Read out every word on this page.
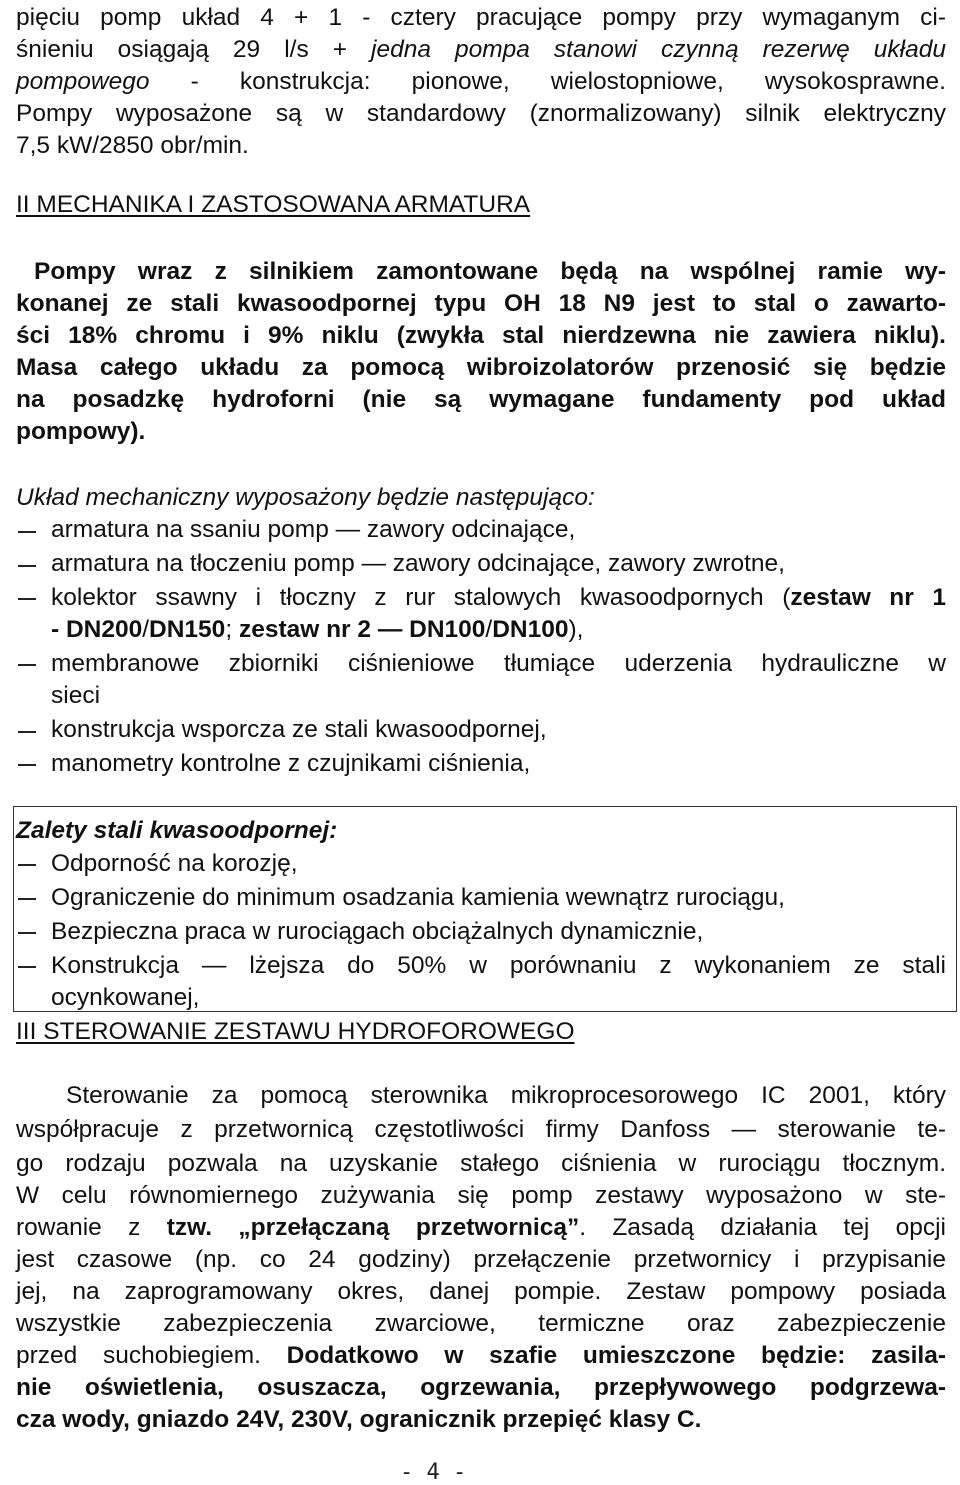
pięciu pomp układ 4 + 1 - cztery pracujące pompy przy wymaganym ci-
śnieniu osiągają 29 l/s + jedna pompa stanowi czynną rezerwę układu
pompowego - konstrukcja: pionowe, wielostopniowe, wysokosprawne.
Pompy wyposażone są w standardowy (znormalizowany) silnik elektryczny
7,5 kW/2850 obr/min.
II MECHANIKA I ZASTOSOWANA ARMATURA
Pompy wraz z silnikiem zamontowane będą na wspólnej ramie wy-
konanej ze stali kwasoodpornej typu OH 18 N9 jest to stal o zawarto-
ści 18% chromu i 9% niklu (zwykła stal nierdzewna nie zawiera niklu).
Masa całego układu za pomocą wibroizolatorów przenosić się będzie
na posadzkę hydroforni (nie są wymagane fundamenty pod układ
pompowy).
Układ mechaniczny wyposażony będzie następująco:
armatura na ssaniu pomp — zawory odcinające,
armatura na tłoczeniu pomp — zawory odcinające, zawory zwrotne,
kolektor ssawny i tłoczny z rur stalowych kwasoodpornych (zestaw nr 1
- DN200/DN150; zestaw nr 2 — DN100/DN100),
membranowe zbiorniki ciśnieniowe tłumiące uderzenia hydrauliczne w
sieci
konstrukcja wsporcza ze stali kwasoodpornej,
manometry kontrolne z czujnikami ciśnienia,
Zalety stali kwasoodpornej:
Odporność na korozję,
Ograniczenie do minimum osadzania kamienia wewnątrz rurociągu,
Bezpieczna praca w rurociągach obciążalnych dynamicznie,
Konstrukcja — lżejsza do 50% w porównaniu z wykonaniem ze stali
ocynkowanej,
III STEROWANIE ZESTAWU HYDROFOROWEGO
Sterowanie za pomocą sterownika mikroprocesorowego IC 2001, który
współpracuje z przetwornicą częstotliwości firmy Danfoss — sterowanie te-
go rodzaju pozwala na uzyskanie stałego ciśnienia w rurociągu tłocznym.
W celu równomiernego zużywania się pomp zestawy wyposażono w ste-
rowanie z tzw. „przełączaną przetwornicą”. Zasadą działania tej opcji
jest czasowe (np. co 24 godziny) przełączenie przetwornicy i przypisanie
jej, na zaprogramowany okres, danej pompie. Zestaw pompowy posiada
wszystkie zabezpieczenia zwarciowe, termiczne oraz zabezpieczenie
przed suchobiegiem. Dodatkowo w szafie umieszczone będzie: zasila-
nie oświetlenia, osuszacza, ogrzewania, przepływowego podgrzewa-
cza wody, gniazdo 24V, 230V, ogranicznik przepięć klasy C.
- 4 -
